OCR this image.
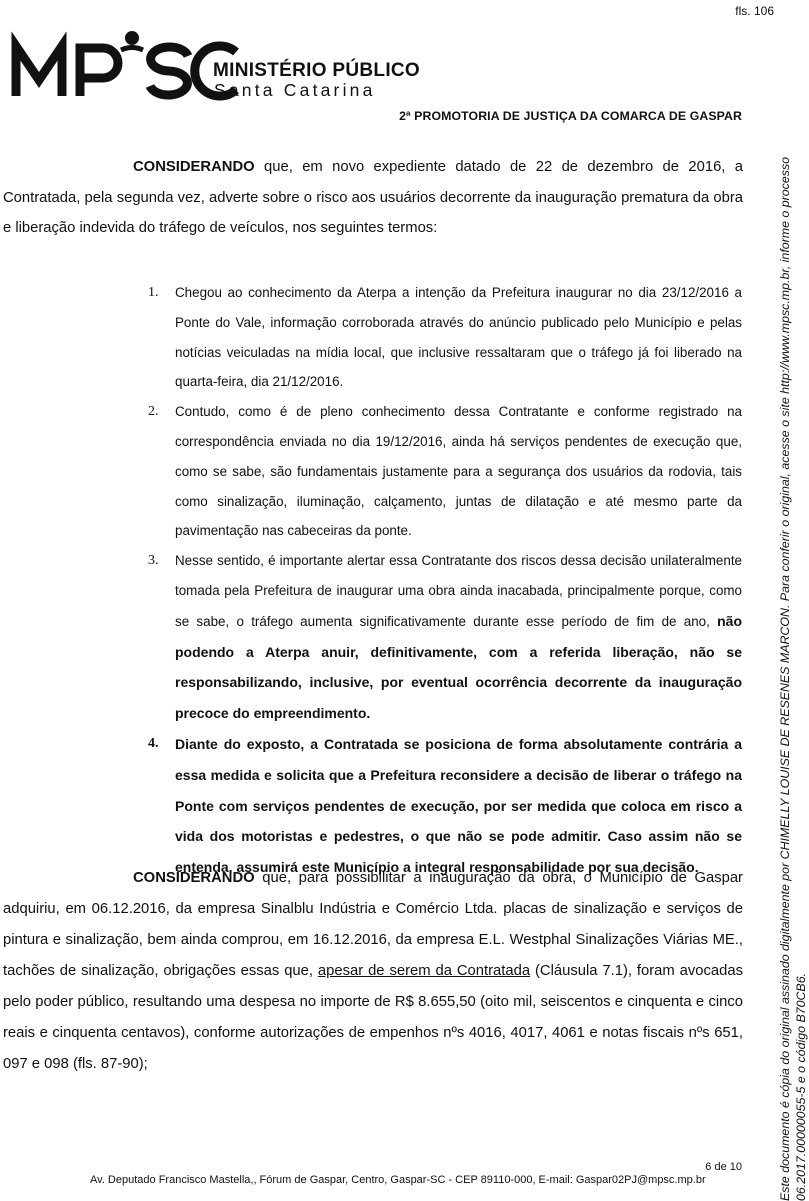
fls. 106
MINISTÉRIO PÚBLICO
Santa Catarina
2ª PROMOTORIA DE JUSTIÇA DA COMARCA DE GASPAR
CONSIDERANDO que, em novo expediente datado de 22 de dezembro de 2016, a Contratada, pela segunda vez, adverte sobre o risco aos usuários decorrente da inauguração prematura da obra e liberação indevida do tráfego de veículos, nos seguintes termos:
1. Chegou ao conhecimento da Aterpa a intenção da Prefeitura inaugurar no dia 23/12/2016 a Ponte do Vale, informação corroborada através do anúncio publicado pelo Município e pelas notícias veiculadas na mídia local, que inclusive ressaltaram que o tráfego já foi liberado na quarta-feira, dia 21/12/2016.
2. Contudo, como é de pleno conhecimento dessa Contratante e conforme registrado na correspondência enviada no dia 19/12/2016, ainda há serviços pendentes de execução que, como se sabe, são fundamentais justamente para a segurança dos usuários da rodovia, tais como sinalização, iluminação, calçamento, juntas de dilatação e até mesmo parte da pavimentação nas cabeceiras da ponte.
3. Nesse sentido, é importante alertar essa Contratante dos riscos dessa decisão unilateralmente tomada pela Prefeitura de inaugurar uma obra ainda inacabada, principalmente porque, como se sabe, o tráfego aumenta significativamente durante esse período de fim de ano, não podendo a Aterpa anuir, definitivamente, com a referida liberação, não se responsabilizando, inclusive, por eventual ocorrência decorrente da inauguração precoce do empreendimento.
4. Diante do exposto, a Contratada se posiciona de forma absolutamente contrária a essa medida e solicita que a Prefeitura reconsidere a decisão de liberar o tráfego na Ponte com serviços pendentes de execução, por ser medida que coloca em risco a vida dos motoristas e pedestres, o que não se pode admitir. Caso assim não se entenda, assumirá este Município a integral responsabilidade por sua decisão.
CONSIDERANDO que, para possibilitar a inauguração da obra, o Município de Gaspar adquiriu, em 06.12.2016, da empresa Sinalblu Indústria e Comércio Ltda. placas de sinalização e serviços de pintura e sinalização, bem ainda comprou, em 16.12.2016, da empresa E.L. Westphal Sinalizações Viárias ME., tachões de sinalização, obrigações essas que, apesar de serem da Contratada (Cláusula 7.1), foram avocadas pelo poder público, resultando uma despesa no importe de R$ 8.655,50 (oito mil, seiscentos e cinquenta e cinco reais e cinquenta centavos), conforme autorizações de empenhos nºs 4016, 4017, 4061 e notas fiscais nºs 651, 097 e 098 (fls. 87-90);	Este documento é cópia do original assinado digitalmente por CHIMELLY LOUISE DE RESENES MARCON. Para conferir o original, acesse o site http://www.mpsc.mp.br, informe o processo 06.2017.00000055-5 e o código B70CB6.
6 de 10
Av. Deputado Francisco Mastella,, Fórum de Gaspar, Centro, Gaspar-SC - CEP 89110-000, E-mail: Gaspar02PJ@mpsc.mp.br
